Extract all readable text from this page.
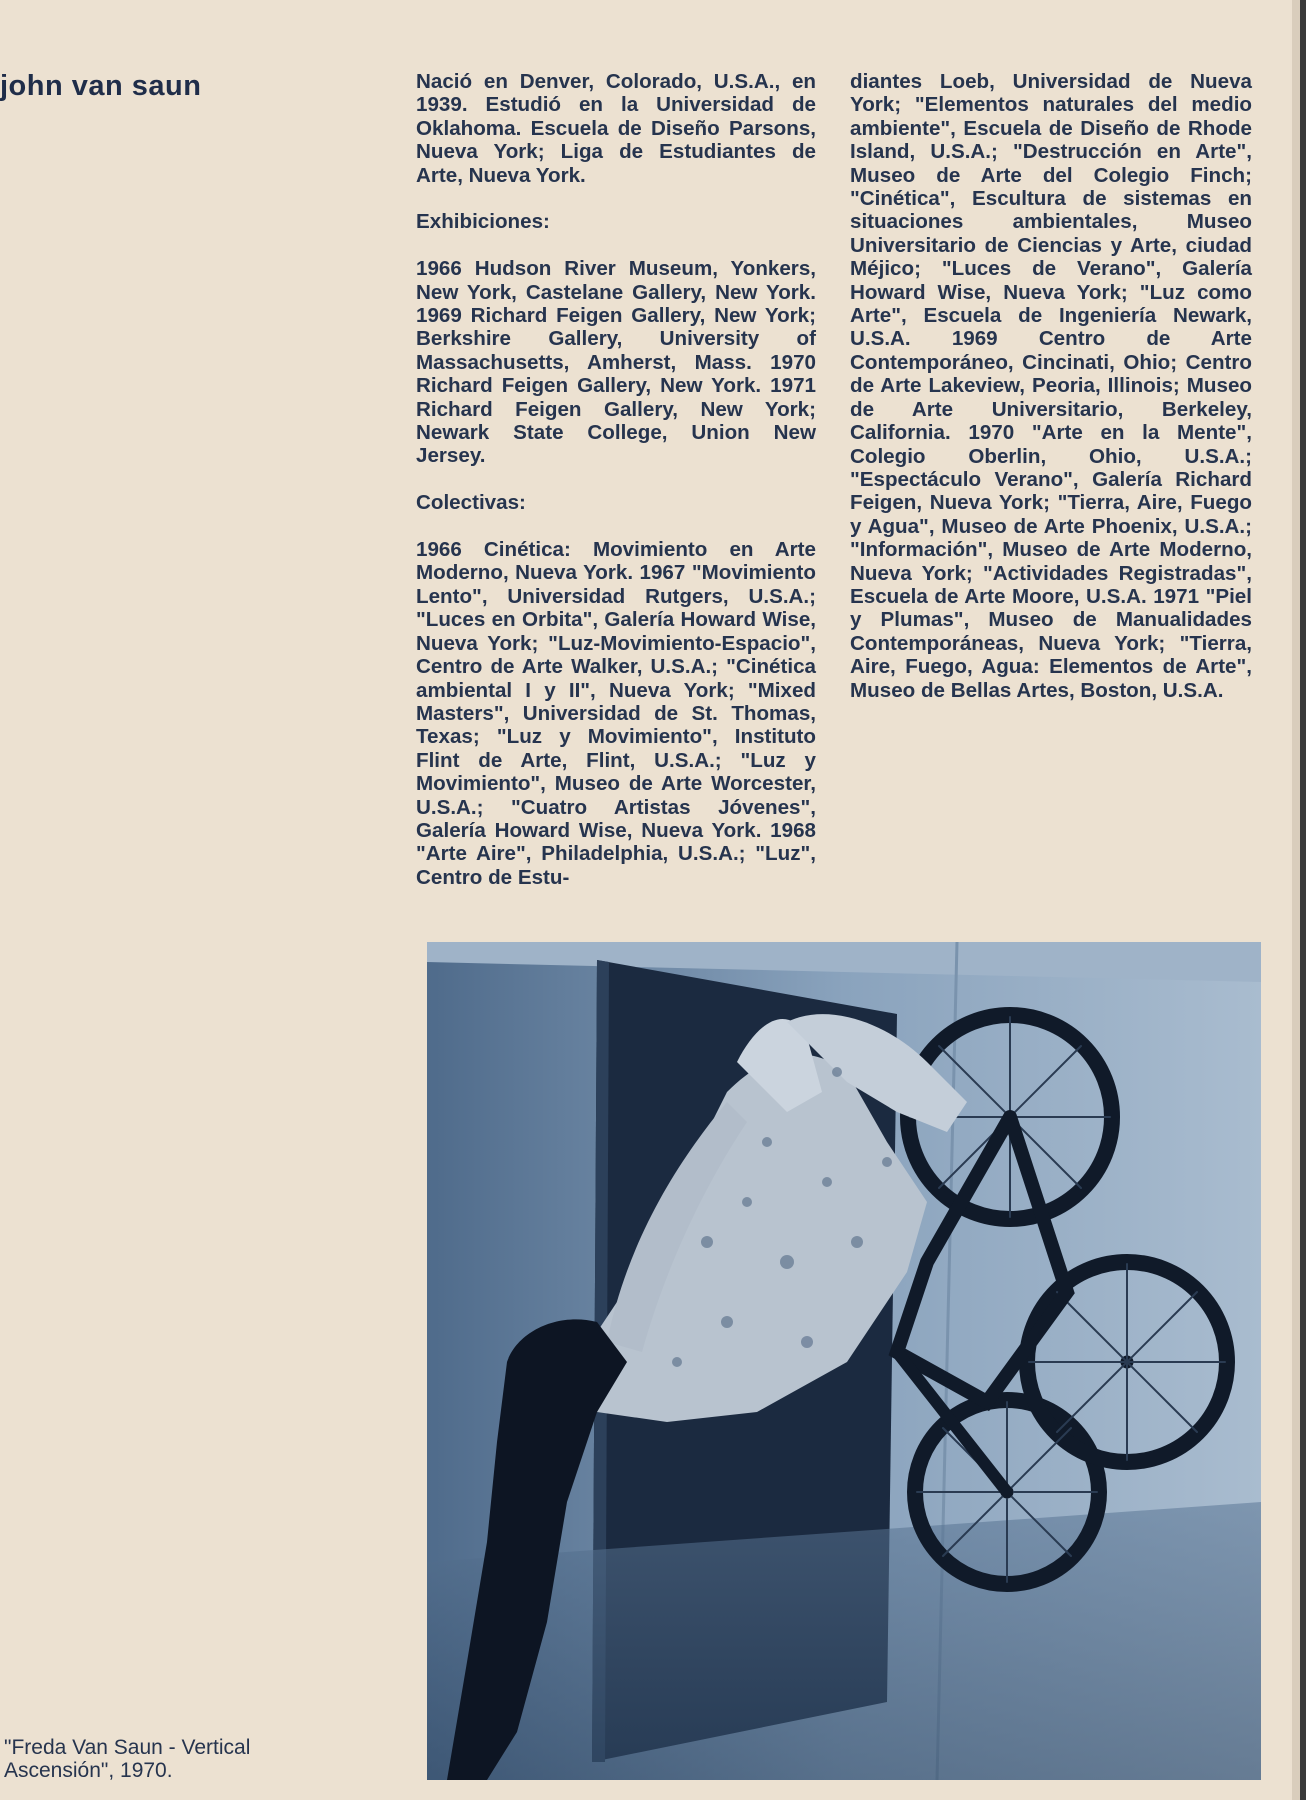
john van saun	Nació en Denver, Colorado, U.S.A., en 1939. Estudió en la Universidad de Oklahoma. Escuela de Diseño Parsons, Nueva York; Liga de Estudiantes de Arte, Nueva York.

Exhibiciones:

1966 Hudson River Museum, Yonkers, New York, Castelane Gallery, New York. 1969 Richard Feigen Gallery, New York; Berkshire Gallery, University of Massachusetts, Amherst, Mass. 1970 Richard Feigen Gallery, New York. 1971 Richard Feigen Gallery, New York; Newark State College, Union New Jersey.

Colectivas:

1966 Cinética: Movimiento en Arte Moderno, Nueva York. 1967 "Movimiento Lento", Universidad Rutgers, U.S.A.; "Luces en Orbita", Galería Howard Wise, Nueva York; "Luz-Movimiento-Espacio", Centro de Arte Walker, U.S.A.; "Cinética ambiental I y II", Nueva York; "Mixed Masters", Universidad de St. Thomas, Texas; "Luz y Movimiento", Instituto Flint de Arte, Flint, U.S.A.; "Luz y Movimiento", Museo de Arte Worcester, U.S.A.; "Cuatro Artistas Jóvenes", Galería Howard Wise, Nueva York. 1968 "Arte Aire", Philadelphia, U.S.A.; "Luz", Centro de Estu-

diantes Loeb, Universidad de Nueva York; "Elementos naturales del medio ambiente", Escuela de Diseño de Rhode Island, U.S.A.; "Destrucción en Arte", Museo de Arte del Colegio Finch; "Cinética", Escultura de sistemas en situaciones ambientales, Museo Universitario de Ciencias y Arte, ciudad Méjico; "Luces de Verano", Galería Howard Wise, Nueva York; "Luz como Arte", Escuela de Ingeniería Newark, U.S.A. 1969 Centro de Arte Contemporáneo, Cincinati, Ohio; Centro de Arte Lakeview, Peoria, Illinois; Museo de Arte Universitario, Berkeley, California. 1970 "Arte en la Mente", Colegio Oberlin, Ohio, U.S.A.; "Espectáculo Verano", Galería Richard Feigen, Nueva York; "Tierra, Aire, Fuego y Agua", Museo de Arte Phoenix, U.S.A.; "Información", Museo de Arte Moderno, Nueva York; "Actividades Registradas", Escuela de Arte Moore, U.S.A. 1971 "Piel y Plumas", Museo de Manualidades Contemporáneas, Nueva York; "Tierra, Aire, Fuego, Agua: Elementos de Arte", Museo de Bellas Artes, Boston, U.S.A.

"Freda Van Saun - Vertical
Ascensión", 1970.
